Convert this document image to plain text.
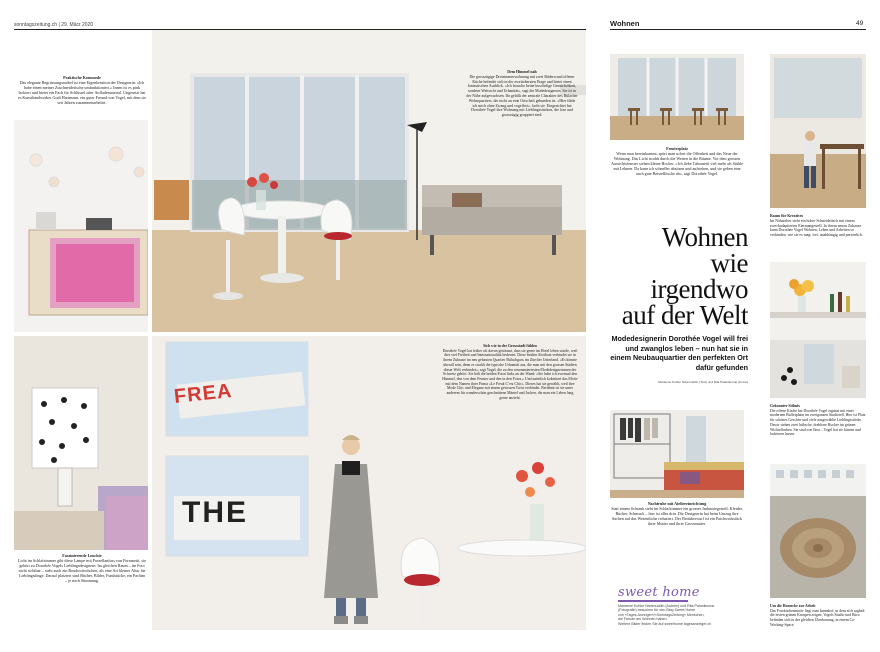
sonntagszeitung.ch | 29. März 2020	Wohnen	49
FREA
THE
Praktische Kommode
Das elegante Begrüssungsmöbel ist eine Eigenkreation der Designerin: «Ich habe einen meiner Zuschneidetische umfunktioniert.» Innen ist es pink lackiert und bietet ein Fach für Schlüssel oder Aufladematerial. Ungesetzt hat es Kunsthandwerker Godi Hartmann, ein guter Freund von Vogel, mit dem sie seit Jahren zusammenarbeitet.
Dem Himmel nah
Die grosszügige Dreizimmerwohnung mit zwei Bädern und offener Küche befindet sich in der zweitobersten Etage und bietet einen fantastischen Ausblick. «Ich brauche keine kuschelige Gemütlichkeit, sondern Weitsicht und Urbanität», sagt die Modedesignerin. Sie ist in der Nähe aufgewachsen. Ihr gefällt der zentrale Charakter des Bülacher Wohnquartiers, der nicht an eine Ortschaft gebunden ist. «Hier fühle ich mich ohne Zwang und vogelfrei», lacht sie. Eingerichtet hat Dorothée Vogel ihre Wohnung mit Lieblingsstücken, die lose und grosszügig gruppiert sind.
Sich wie in der Grossstadt fühlen
Dorothée Vogel hat früher oft davon geträumt, dass sie gerne im Hotel leben würde, weil dies viel Freiheit und Internationalität bedeutet. Diese beiden Attribute verbindet sie in ihrem Zuhause im neu gebauten Quartier Bülachguss im Zürcher Unterland. «Es könnte überall sein, denn es strahlt die typische Urbanität aus, die man mit den grossen Städten dieser Welt verbindet», sagt Vogel, die zu den renommiertesten Modedesignerinnen der Schweiz gehört. Sie hält die beiden Fotos links an der Wand: «Sie habe ich zweimal den Himmel, den von dem Fenster und den in den Fotos.» Und natürlich kokettiert das Motiv mit dem Namen ihrer Firma «Le Freak C’est Chic». Dieses hat sie gewählt, weil ihre Mode Chic und Eleganz mit einem gewissen Twist verbindet. Berühmt ist sie unter anderem für wunderschön geschnittene Mäntel und Jacken, die man ein Leben lang gerne anzieht.
Faszinierende Leuchte
Licht im Schlafzimmer gibt diese Lampe mit Porzellanfuss von Fornasetti, sie gehört zu Dorothée Vogels Lieblingsdesignern. Im gleichen Raum – im Foto nicht sichtbar – steht auch ein Boudoirtischchen, als eine Art kleiner Altar für Lieblingsdinge. Darauf platziert sind Bücher, Bilder, Fundstücke, ein Parfüm – je nach Stimmung.
Fensterplatz
Wenn man hereinkommt, spürt man sofort die Offenheit und das Neue der Wohnung. Das Licht strahlt durch die Weiten in die Räume. Vor dem grossen Aussichtsfenster stehen kleine Hocker. «Ich liebe Tabouretti viel mehr als Stühle mit Lehnen. Da kann ich schneller absitzen und aufstehen, und sie geben eine auch gute Beistelltische ab», sagt Dorothée Vogel.
Raum für Kreatives
Im Nähatelier steht ein hoher Schneidetisch mit einem zweckadaptierten Eiermangestell. In ihrem neuen Zuhause kann Dorothée Vogel Wohnen, Leben und Arbeiten so verbinden, wie sie es mag: frei, unabhängig und persönlich.
Gekonnter Stilmix
Die offene Küche hat Dorothée Vogel ergänzt mit einer modernen Buffetplatte im zweiganzen Studiotell. Hier ist Platz für schönes Geschirr und viele ausgewählte Lieblingsstücke. Davor stehen zwei hübsche, drehbare Hocker im grünen Wichtelfarben. Sie sind von Ikea – Vogel hat sie kürzen und lackieren lassen.
Um die Homecke zur Arbeit
Das Fotoküchenmotiv liegt zum Innenhof, in dem sich sagbalt die ersten grünen Knospen zeigen. Vogels Studio und Büro befinden sich in der gleichen Überbauung, in einem Co-Working-Space.
Wohnen
wie
irgendwo
auf der Welt
Modedesignerin Dorothée Vogel will frei und zwanglos leben – nun hat sie in einem Neubauquartier den perfekten Ort dafür gefunden
Marianne Kohler Nizamuddin (Text) und Rita Palanikumar (Fotos)
Nachtruhe mit Ateliereinrichtung
Statt einem Schrank steht im Schlafzimmer ein grosses Industriegestell. Kleider, Bücher, Schmuck – hier ist alles drin. Die Designerin hat beim Umzug ihre Sachen auf das Wesentliche reduziert. Der Bettüberwurf ist ein Patchworkstück ihrer Mutter und ihrer Grossmutter.
sweet home
Marianne Kohler Nizamuddin (Autorin) und Rita Palanikumar
(Fotografin) besuchen für den Blog Sweet Home
von «Tages-Anzeiger»/«SonntagsZeitung» Menschen,
die Freude am Wohnen haben.
Weitere Bilder finden Sie auf sweethome.tagesanzeiger.ch
